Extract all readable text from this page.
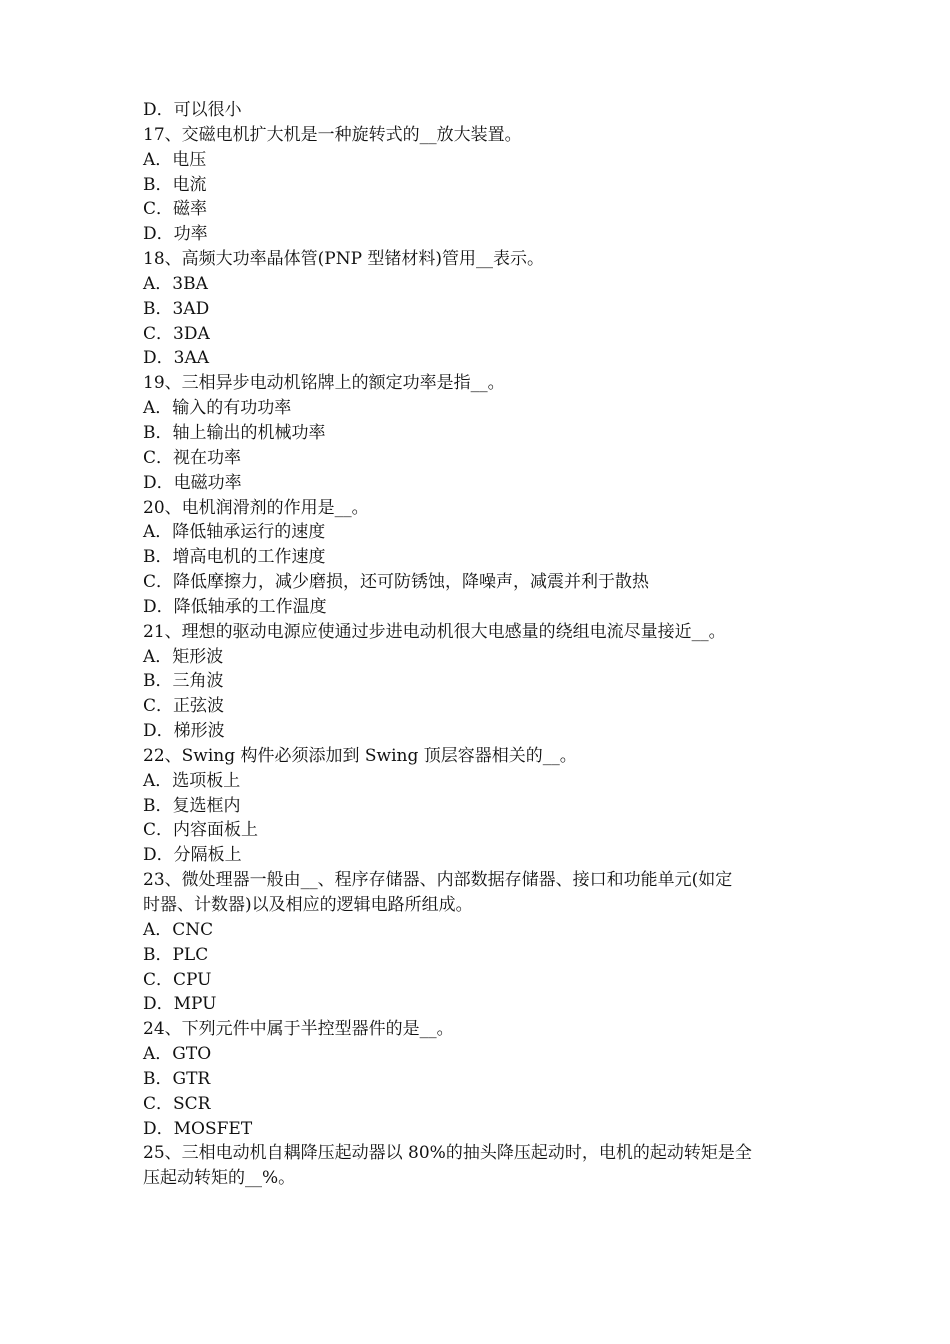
D．可以很小
17、交磁电机扩大机是一种旋转式的__放大装置。
A．电压
B．电流
C．磁率
D．功率
18、高频大功率晶体管(PNP 型锗材料)管用__表示。
A．3BA
B．3AD
C．3DA
D．3AA
19、三相异步电动机铭牌上的额定功率是指__。
A．输入的有功功率
B．轴上输出的机械功率
C．视在功率
D．电磁功率
20、电机润滑剂的作用是__。
A．降低轴承运行的速度
B．增高电机的工作速度
C．降低摩擦力，减少磨损，还可防锈蚀，降噪声，减震并利于散热
D．降低轴承的工作温度
21、理想的驱动电源应使通过步进电动机很大电感量的绕组电流尽量接近__。
A．矩形波
B．三角波
C．正弦波
D．梯形波
22、Swing 构件必须添加到 Swing 顶层容器相关的__。
A．选项板上
B．复选框内
C．内容面板上
D．分隔板上
23、微处理器一般由__、程序存储器、内部数据存储器、接口和功能单元(如定
时器、计数器)以及相应的逻辑电路所组成。
A．CNC
B．PLC
C．CPU
D．MPU
24、下列元件中属于半控型器件的是__。
A．GTO
B．GTR
C．SCR
D．MOSFET
25、三相电动机自耦降压起动器以 80%的抽头降压起动时，电机的起动转矩是全
压起动转矩的__%。
